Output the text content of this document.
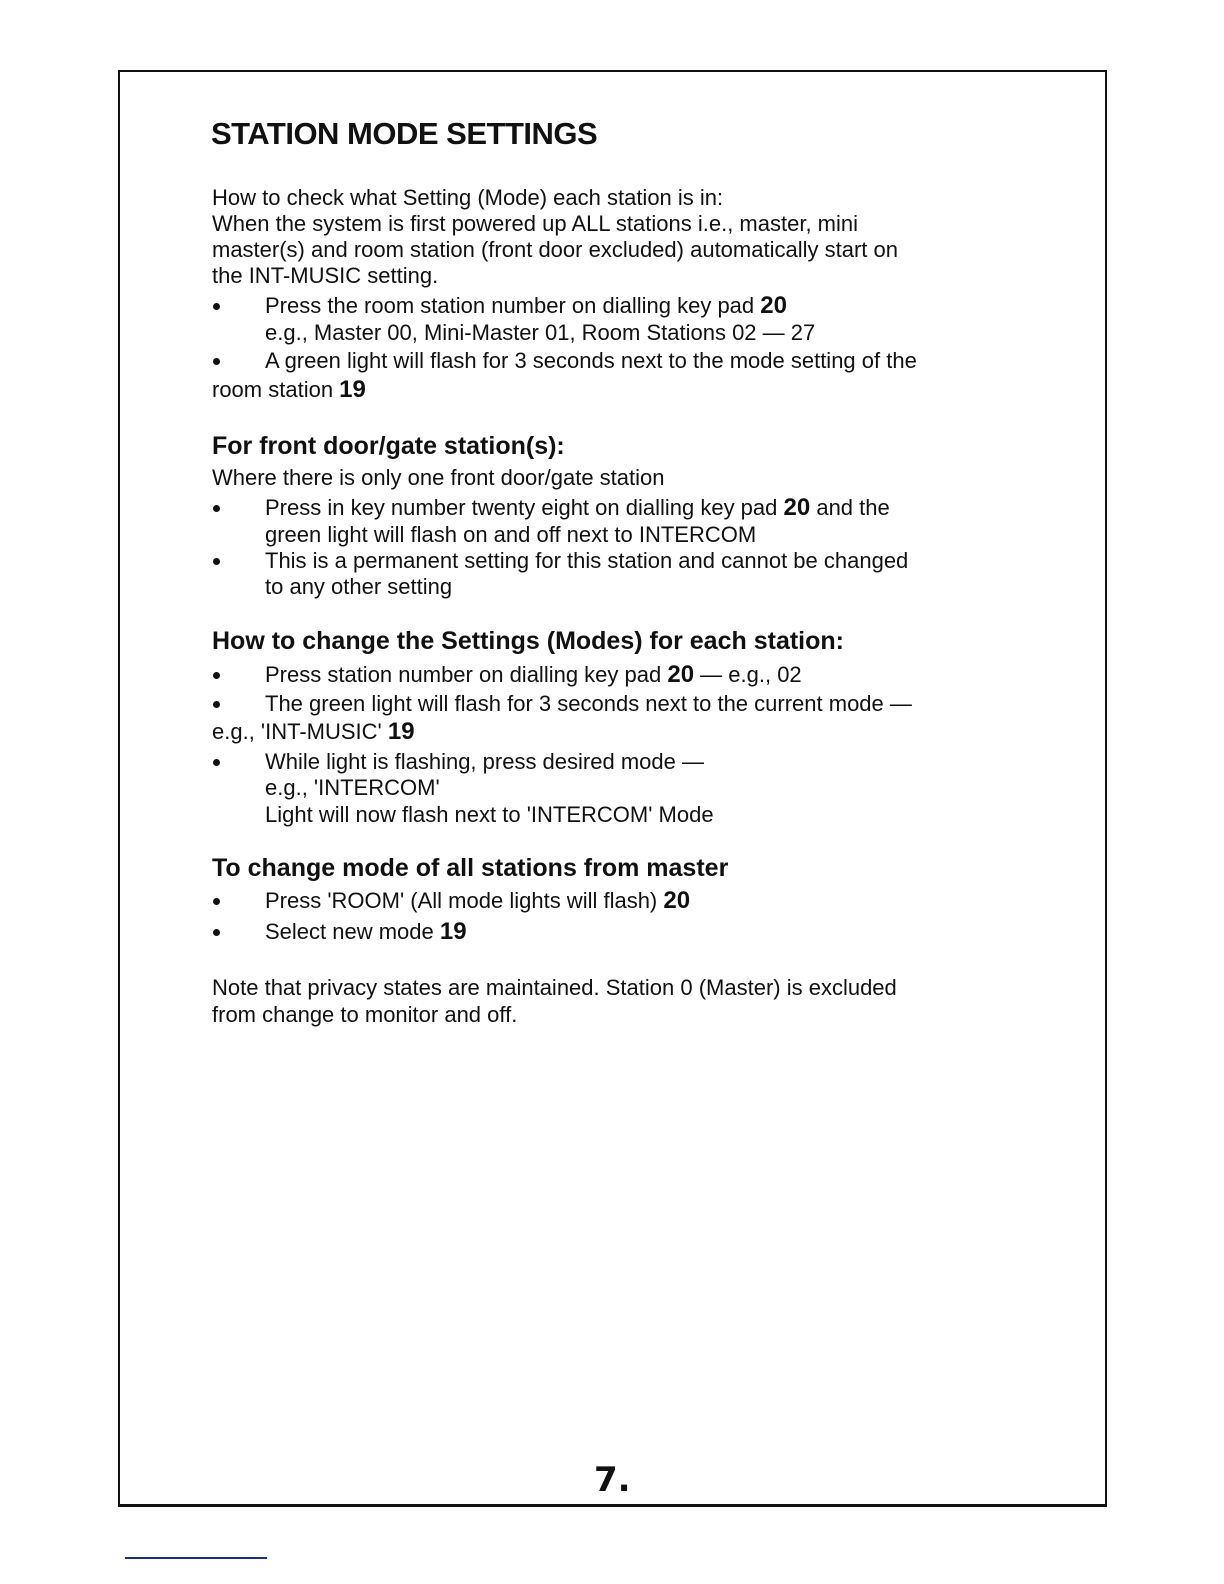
STATION MODE SETTINGS
How to check what Setting (Mode) each station is in:
When the system is first powered up ALL stations i.e., master, mini
master(s) and room station (front door excluded) automatically start on
the INT-MUSIC setting.
Press the room station number on dialling key pad 20
e.g., Master 00, Mini-Master 01, Room Stations 02 — 27
A green light will flash for 3 seconds next to the mode setting of the
room station 19
For front door/gate station(s):
Where there is only one front door/gate station
Press in key number twenty eight on dialling key pad 20 and the
green light will flash on and off next to INTERCOM
This is a permanent setting for this station and cannot be changed
to any other setting
How to change the Settings (Modes) for each station:
Press station number on dialling key pad 20 — e.g., 02
The green light will flash for 3 seconds next to the current mode —
e.g., 'INT-MUSIC' 19
While light is flashing, press desired mode —
e.g., 'INTERCOM'
Light will now flash next to 'INTERCOM' Mode
To change mode of all stations from master
Press 'ROOM' (All mode lights will flash) 20
Select new mode 19
Note that privacy states are maintained. Station 0 (Master) is excluded
from change to monitor and off.
7.
